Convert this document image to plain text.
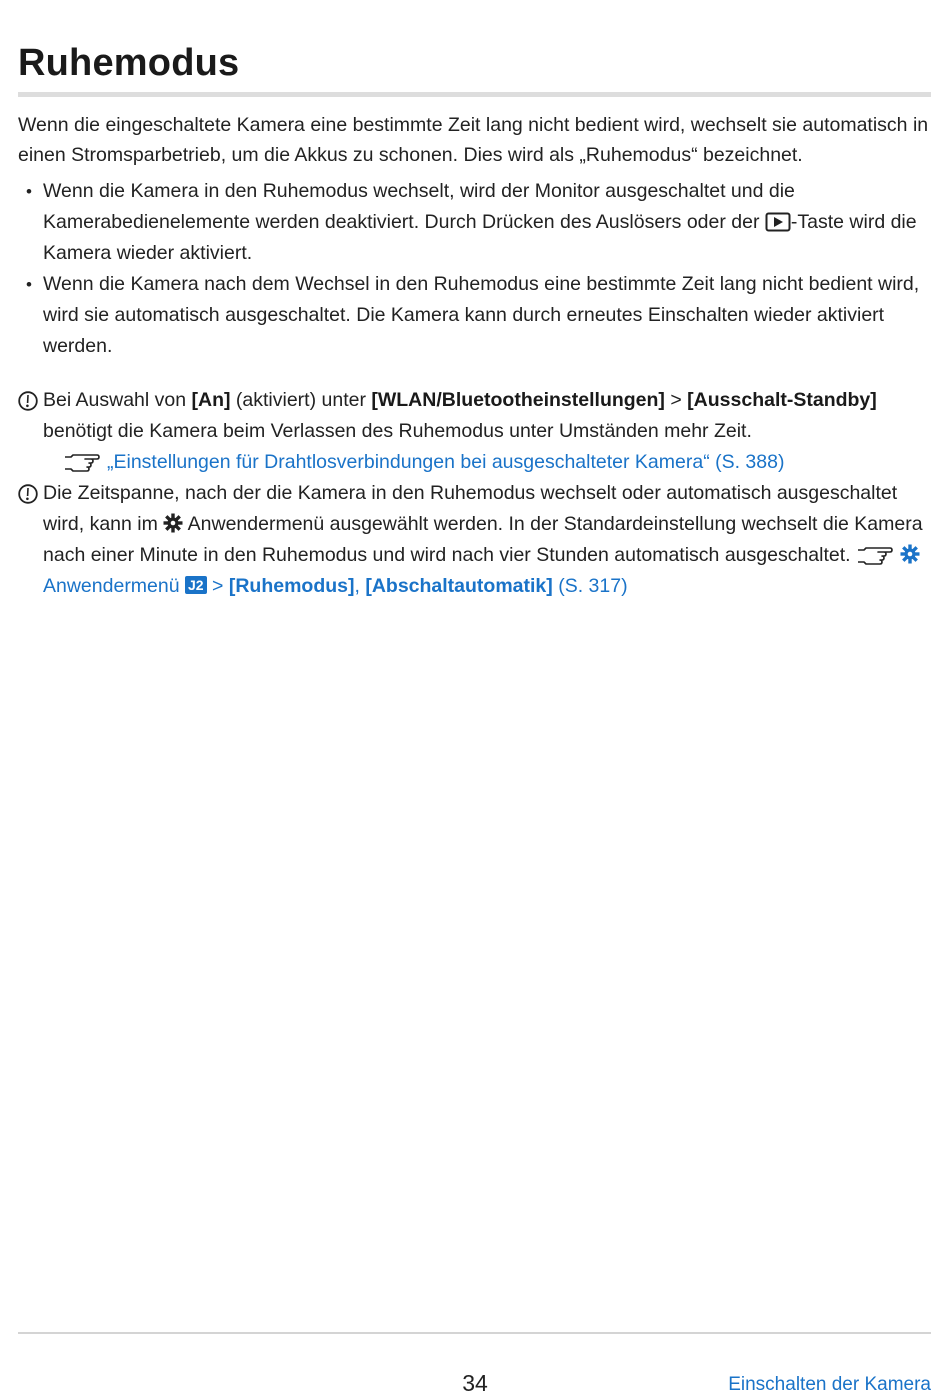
Ruhemodus
Wenn die eingeschaltete Kamera eine bestimmte Zeit lang nicht bedient wird, wechselt sie automatisch in einen Stromsparbetrieb, um die Akkus zu schonen. Dies wird als „Ruhemodus“ bezeichnet.
• Wenn die Kamera in den Ruhemodus wechselt, wird der Monitor ausgeschaltet und die Kamerabedienelemente werden deaktiviert. Durch Drücken des Auslösers oder der -Taste wird die Kamera wieder aktiviert.
• Wenn die Kamera nach dem Wechsel in den Ruhemodus eine bestimmte Zeit lang nicht bedient wird, wird sie automatisch ausgeschaltet. Die Kamera kann durch erneutes Einschalten wieder aktiviert werden.
Bei Auswahl von [An] (aktiviert) unter [WLAN/Bluetootheinstellungen] > [Ausschalt-Standby] benötigt die Kamera beim Verlassen des Ruhemodus unter Umständen mehr Zeit.
„Einstellungen für Drahtlosverbindungen bei ausgeschalteter Kamera“ (S. 388)
Die Zeitspanne, nach der die Kamera in den Ruhemodus wechselt oder automatisch ausgeschaltet wird, kann im  Anwendermenü ausgewählt werden. In der Standardeinstellung wechselt die Kamera nach einer Minute in den Ruhemodus und wird nach vier Stunden automatisch ausgeschaltet.  Anwendermenü J2 > [Ruhemodus], [Abschaltautomatik] (S. 317)
34	Einschalten der Kamera
